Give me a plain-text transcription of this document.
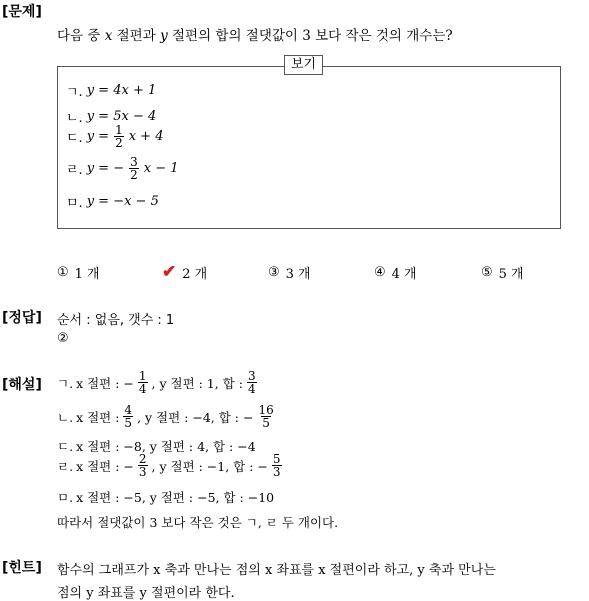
[문제]
다음 중 x 절편과 y 절편의 합의 절댓값이 3 보다 작은 것의 개수는?
보기
ㄱ. y = 4x + 1
ㄴ. y = 5x − 4
ㄷ. $y = \frac{1}{2}$ x + 4
ㄹ. y = − $\frac{3}{2}$ x − 1
ㅁ. y = −x − 5
① 1 개	✔ 2 개	③ 3 개	④ 4 개	⑤ 5 개
[정답] 순서 : 없음, 갯수 : 1
②
[해설] ㄱ. x 절편 : − $\frac{1}{4}$ , y 절편 : 1, 합 : $\frac{3}{4}$
ㄴ. x 절편 : $\frac{4}{5}$ , y 절편 : −4, 합 : − $\frac{16}{5}$
ㄷ. x 절편 : −8, y 절편 : 4, 합 : −4
ㄹ. x 절편 : − $\frac{2}{3}$ , y 절편 : −1, 합 : − $\frac{5}{3}$
ㅁ. x 절편 : −5, y 절편 : −5, 합 : −10
따라서 절댓값이 3 보다 작은 것은 ㄱ, ㄹ 두 개이다.
[힌트] 함수의 그래프가 x 축과 만나는 점의 x 좌표를 x 절편이라 하고, y 축과 만나는
점의 y 좌표를 y 절편이라 한다.
